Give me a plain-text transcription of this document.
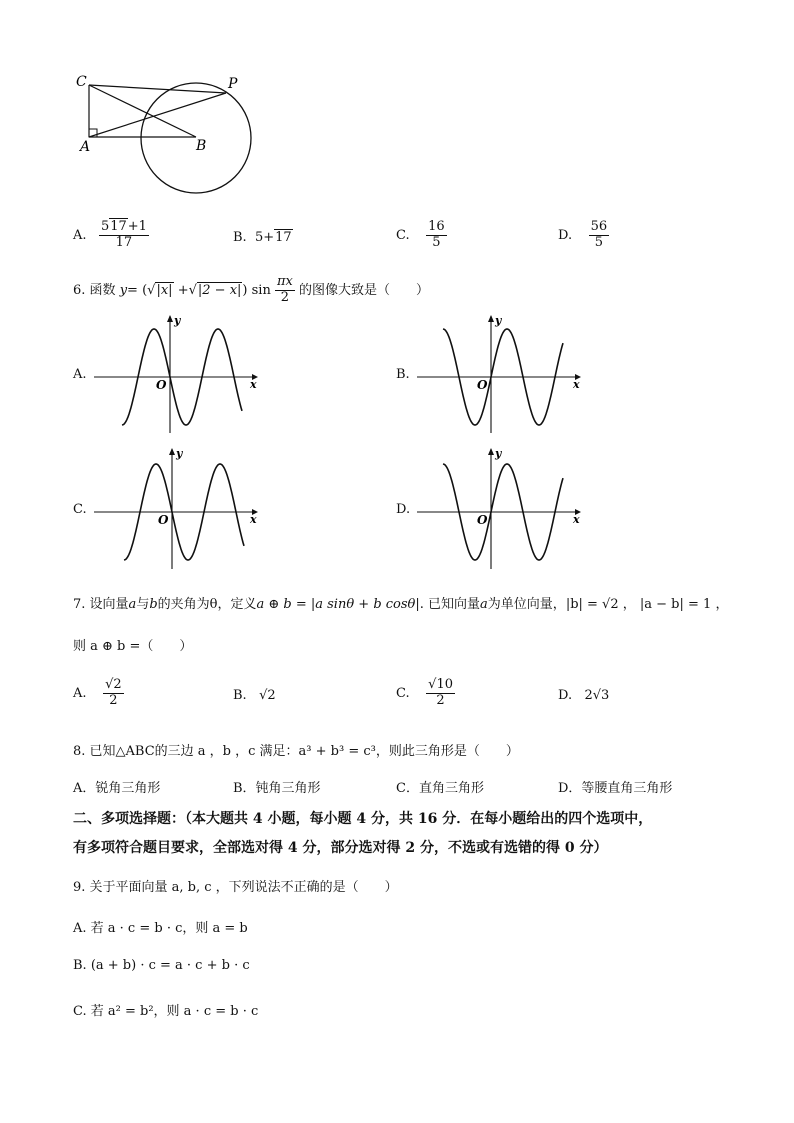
C	P
A	B
A. $\frac{517+1}{17}$	B. 5+17	C. $\frac{16}{5}$	D. $\frac{56}{5}$
6. 函数 y= (√|x| +√|2 − x|) $\sin \frac{\pi x}{2}$ 的图像大致是（　　）
A.
x
y
O
B.
x
y
O
C.
x
y
O
D.
x
y
O
7. 设向量a与b的夹角为θ，定义a ⊕ b = |a sinθ + b cosθ|. 已知向量a为单位向量，|b| = √2 ， |a − b| = 1 ，
则 a ⊕ b =（　　）
A. $\frac{√2}{2}$	B. √2	C. $\frac{√10}{2}$	D. 2√3
8. 已知△ABC的三边 a ，b ，c 满足：a³ + b³ = c³，则此三角形是（　　）
A．锐角三角形	B．钝角三角形	C．直角三角形	D．等腰直角三角形
二、多项选择题：（本大题共 4 小题，每小题 4 分，共 16 分．在每小题给出的四个选项中，
有多项符合题目要求，全部选对得 4 分，部分选对得 2 分，不选或有选错的得 0 分）
9. 关于平面向量 a, b, c ，下列说法不正确的是（　　）
A. 若 a · c = b · c，则 a = b
B. (a + b) · c = a · c + b · c
C. 若 a² = b²，则 a · c = b · c
